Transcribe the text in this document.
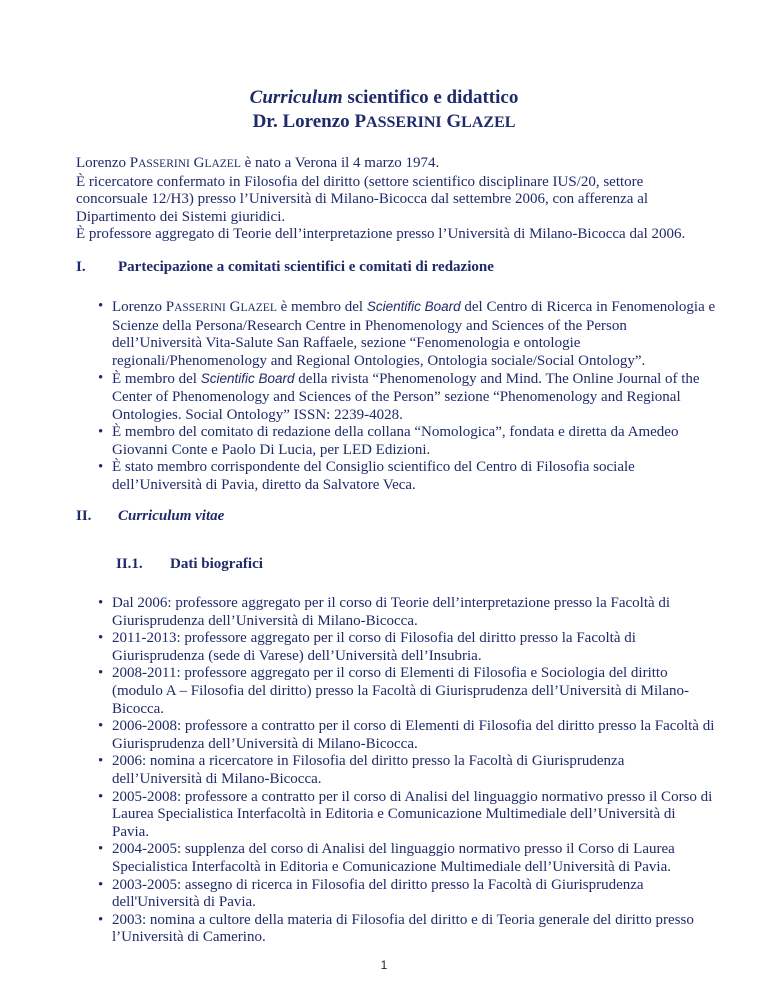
Curriculum scientifico e didattico
Dr. Lorenzo PASSERINI GLAZEL

Lorenzo PASSERINI GLAZEL è nato a Verona il 4 marzo 1974.

È ricercatore confermato in Filosofia del diritto (settore scientifico disciplinare IUS/20, settore concorsuale 12/H3) presso l’Università di Milano-Bicocca dal settembre 2006, con afferenza al Dipartimento dei Sistemi giuridici.

È professore aggregato di Teorie dell’interpretazione presso l’Università di Milano-Bicocca dal 2006.

I.	Partecipazione a comitati scientifici e comitati di redazione
• Lorenzo PASSERINI GLAZEL è membro del Scientific Board del Centro di Ricerca in Fenomenologia e Scienze della Persona/Research Centre in Phenomenology and Sciences of the Person dell’Università Vita-Salute San Raffaele, sezione “Fenomenologia e ontologie regionali/Phenomenology and Regional Ontologies, Ontologia sociale/Social Ontology”.
• È membro del Scientific Board della rivista “Phenomenology and Mind. The Online Journal of the Center of Phenomenology and Sciences of the Person” sezione “Phenomenology and Regional Ontologies. Social Ontology” ISSN: 2239-4028.
• È membro del comitato di redazione della collana “Nomologica”, fondata e diretta da Amedeo Giovanni Conte e Paolo Di Lucia, per LED Edizioni.
• È stato membro corrispondente del Consiglio scientifico del Centro di Filosofia sociale dell’Università di Pavia, diretto da Salvatore Veca.
II.	Curriculum vitae
II.1. Dati biografici
• Dal 2006: professore aggregato per il corso di Teorie dell’interpretazione presso la Facoltà di Giurisprudenza dell’Università di Milano-Bicocca.
• 2011-2013: professore aggregato per il corso di Filosofia del diritto presso la Facoltà di Giurisprudenza (sede di Varese) dell’Università dell’Insubria.
• 2008-2011: professore aggregato per il corso di Elementi di Filosofia e Sociologia del diritto (modulo A – Filosofia del diritto) presso la Facoltà di Giurisprudenza dell’Università di Milano-Bicocca.
• 2006-2008: professore a contratto per il corso di Elementi di Filosofia del diritto presso la Facoltà di Giurisprudenza dell’Università di Milano-Bicocca.
• 2006: nomina a ricercatore in Filosofia del diritto presso la Facoltà di Giurisprudenza dell’Università di Milano-Bicocca.
• 2005-2008: professore a contratto per il corso di Analisi del linguaggio normativo presso il Corso di Laurea Specialistica Interfacoltà in Editoria e Comunicazione Multimediale dell’Università di Pavia.
• 2004-2005: supplenza del corso di Analisi del linguaggio normativo presso il Corso di Laurea Specialistica Interfacoltà in Editoria e Comunicazione Multimediale dell’Università di Pavia.
• 2003-2005: assegno di ricerca in Filosofia del diritto presso la Facoltà di Giurisprudenza dell'Università di Pavia.
• 2003: nomina a cultore della materia di Filosofia del diritto e di Teoria generale del diritto presso l’Università di Camerino.
1
